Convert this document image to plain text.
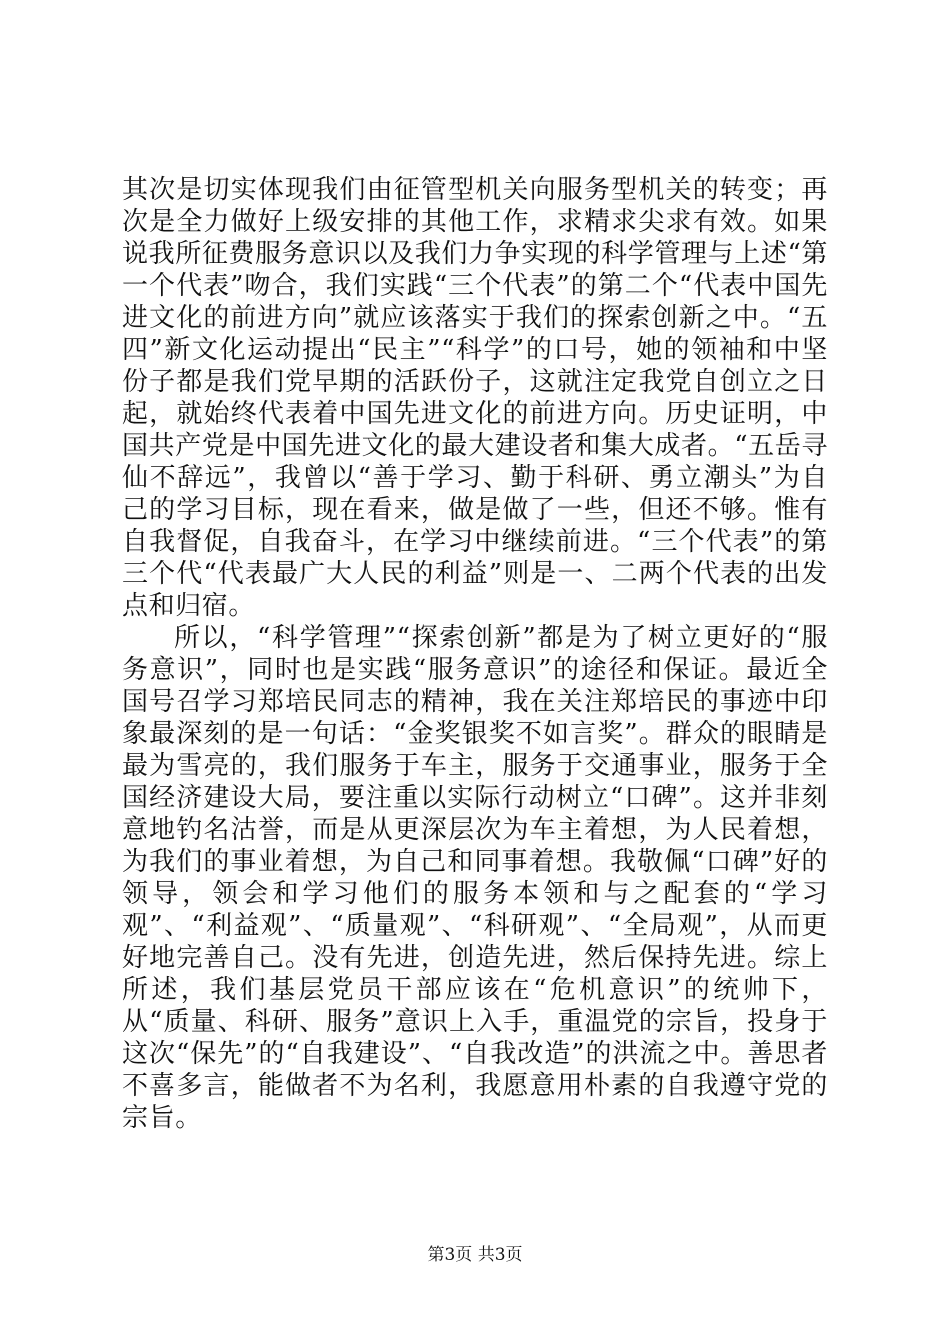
其次是切实体现我们由征管型机关向服务型机关的转变；再次是全力做好上级安排的其他工作，求精求尖求有效。如果说我所征费服务意识以及我们力争实现的科学管理与上述“第一个代表”吻合，我们实践“三个代表”的第二个“代表中国先进文化的前进方向”就应该落实于我们的探索创新之中。“五四”新文化运动提出“民主”“科学”的口号，她的领袖和中坚份子都是我们党早期的活跃份子，这就注定我党自创立之日起，就始终代表着中国先进文化的前进方向。历史证明，中国共产党是中国先进文化的最大建设者和集大成者。“五岳寻仙不辞远”，我曾以“善于学习、勤于科研、勇立潮头”为自己的学习目标，现在看来，做是做了一些，但还不够。惟有自我督促，自我奋斗，在学习中继续前进。“三个代表”的第三个代“代表最广大人民的利益”则是一、二两个代表的出发点和归宿。

所以，“科学管理”“探索创新”都是为了树立更好的“服务意识”，同时也是实践“服务意识”的途径和保证。最近全国号召学习郑培民同志的精神，我在关注郑培民的事迹中印象最深刻的是一句话：“金奖银奖不如言奖”。群众的眼睛是最为雪亮的，我们服务于车主，服务于交通事业，服务于全国经济建设大局，要注重以实际行动树立“口碑”。这并非刻意地钓名沽誉，而是从更深层次为车主着想，为人民着想，为我们的事业着想，为自己和同事着想。我敬佩“口碑”好的领导，领会和学习他们的服务本领和与之配套的“学习观”、“利益观”、“质量观”、“科研观”、“全局观”，从而更好地完善自己。没有先进，创造先进，然后保持先进。综上所述，我们基层党员干部应该在“危机意识”的统帅下，从“质量、科研、服务”意识上入手，重温党的宗旨，投身于这次“保先”的“自我建设”、“自我改造”的洪流之中。善思者不喜多言，能做者不为名利，我愿意用朴素的自我遵守党的宗旨。

第3页 共3页
